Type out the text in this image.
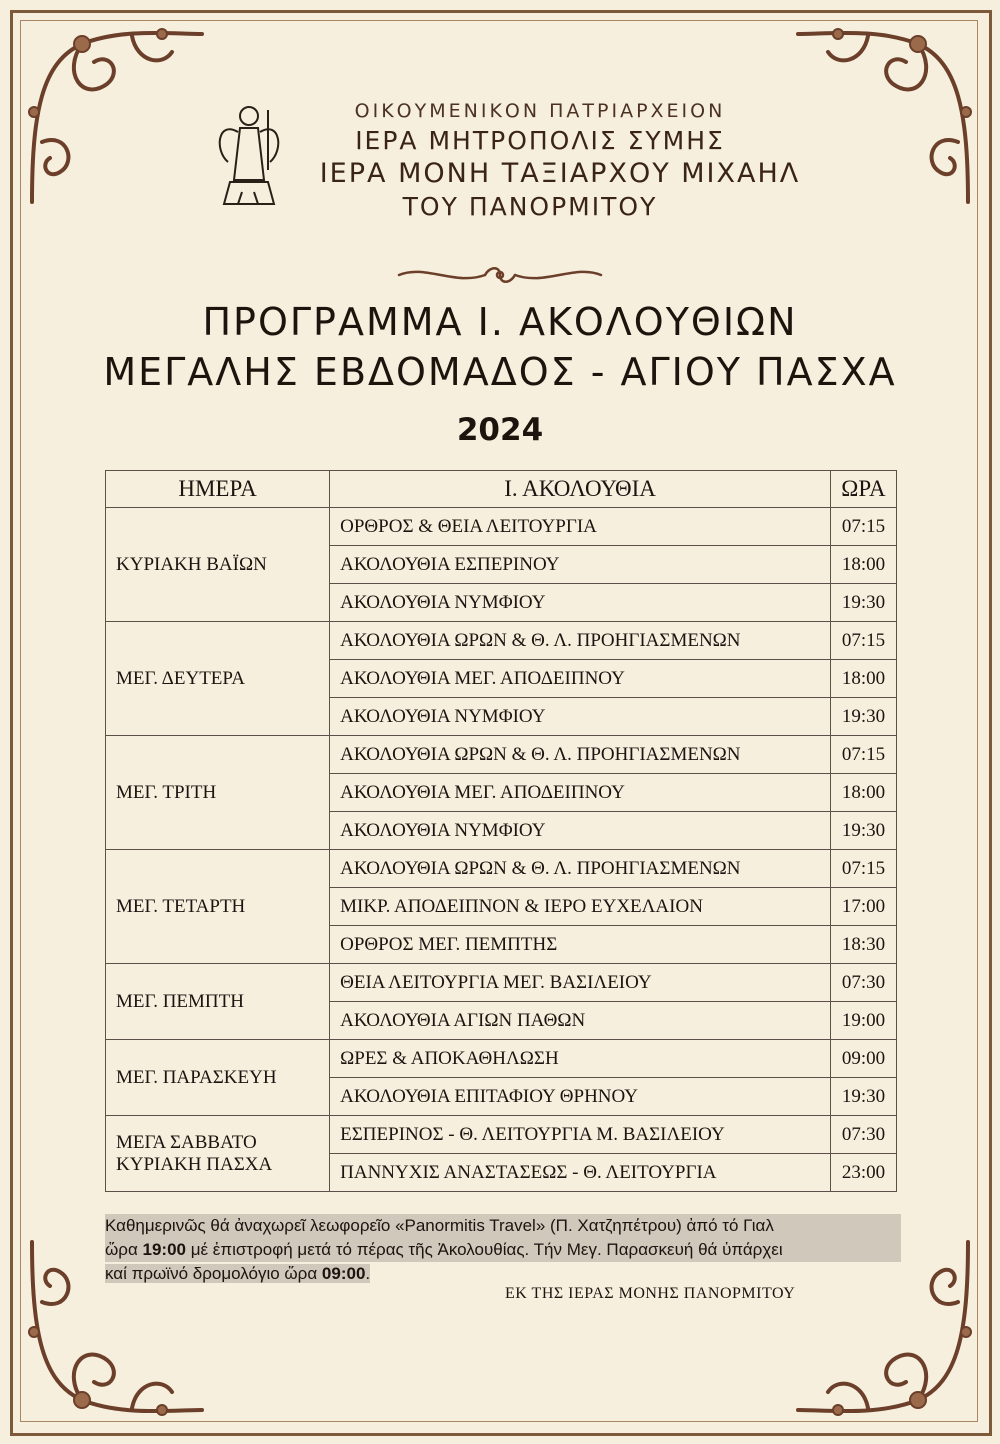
ΟΙΚΟΥΜΕΝΙΚΟΝ ΠΑΤΡΙΑΡΧΕΙΟΝ
ΙΕΡΑ ΜΗΤΡΟΠΟΛΙΣ ΣΥΜΗΣ
ΙΕΡΑ ΜΟΝΗ ΤΑΞΙΑΡΧΟΥ ΜΙΧΑΗΛ
ΤΟΥ ΠΑΝΟΡΜΙΤΟΥ
ΠΡΟΓΡΑΜΜΑ Ι. ΑΚΟΛΟΥΘΙΩΝ
ΜΕΓΑΛΗΣ ΕΒΔΟΜΑΔΟΣ - ΑΓΙΟΥ ΠΑΣΧΑ
2024
ΗΜΕΡΑ	Ι. ΑΚΟΛΟΥΘΙΑ	ΩΡΑ
ΚΥΡΙΑΚΗ ΒΑΪΩΝ	ΟΡΘΡΟΣ & ΘΕΙΑ ΛΕΙΤΟΥΡΓΙΑ	07:15
	ΑΚΟΛΟΥΘΙΑ ΕΣΠΕΡΙΝΟΥ	18:00
	ΑΚΟΛΟΥΘΙΑ ΝΥΜΦΙΟΥ	19:30
ΜΕΓ. ΔΕΥΤΕΡΑ	ΑΚΟΛΟΥΘΙΑ ΩΡΩΝ & Θ. Λ. ΠΡΟΗΓΙΑΣΜΕΝΩΝ	07:15
	ΑΚΟΛΟΥΘΙΑ ΜΕΓ. ΑΠΟΔΕΙΠΝΟΥ	18:00
	ΑΚΟΛΟΥΘΙΑ ΝΥΜΦΙΟΥ	19:30
ΜΕΓ. ΤΡΙΤΗ	ΑΚΟΛΟΥΘΙΑ ΩΡΩΝ & Θ. Λ. ΠΡΟΗΓΙΑΣΜΕΝΩΝ	07:15
	ΑΚΟΛΟΥΘΙΑ ΜΕΓ. ΑΠΟΔΕΙΠΝΟΥ	18:00
	ΑΚΟΛΟΥΘΙΑ ΝΥΜΦΙΟΥ	19:30
ΜΕΓ. ΤΕΤΑΡΤΗ	ΑΚΟΛΟΥΘΙΑ ΩΡΩΝ & Θ. Λ. ΠΡΟΗΓΙΑΣΜΕΝΩΝ	07:15
	ΜΙΚΡ. ΑΠΟΔΕΙΠΝΟΝ & ΙΕΡΟ ΕΥΧΕΛΑΙΟΝ	17:00
	ΟΡΘΡΟΣ ΜΕΓ. ΠΕΜΠΤΗΣ	18:30
ΜΕΓ. ΠΕΜΠΤΗ	ΘΕΙΑ ΛΕΙΤΟΥΡΓΙΑ ΜΕΓ. ΒΑΣΙΛΕΙΟΥ	07:30
	ΑΚΟΛΟΥΘΙΑ ΑΓΙΩΝ ΠΑΘΩΝ	19:00
ΜΕΓ. ΠΑΡΑΣΚΕΥΗ	ΩΡΕΣ & ΑΠΟΚΑΘΗΛΩΣΗ	09:00
	ΑΚΟΛΟΥΘΙΑ ΕΠΙΤΑΦΙΟΥ ΘΡΗΝΟΥ	19:30

ΜΕΓΑ ΣΑΒΒΑΤΟ
ΚΥΡΙΑΚΗ ΠΑΣΧΑ	ΕΣΠΕΡΙΝΟΣ - Θ. ΛΕΙΤΟΥΡΓΙΑ Μ. ΒΑΣΙΛΕΙΟΥ	07:30
	ΠΑΝΝΥΧΙΣ ΑΝΑΣΤΑΣΕΩΣ - Θ. ΛΕΙΤΟΥΡΓΙΑ	23:00
Καθημερινῶς θά ἀναχωρεῖ λεωφορεῖο «Panormitis Travel» (Π. Χατζηπέτρου) ἀπό τό Γιαλ
ὥρα 19:00 μέ ἐπιστροφή μετά τό πέρας τῆς Ἀκολουθίας. Τήν Μεγ. Παρασκευή θά ὑπάρχει
καί πρωϊνό δρομολόγιο ὥρα 09:00.
ΕΚ ΤΗΣ ΙΕΡΑΣ ΜΟΝΗΣ ΠΑΝΟΡΜΙΤΟΥ
